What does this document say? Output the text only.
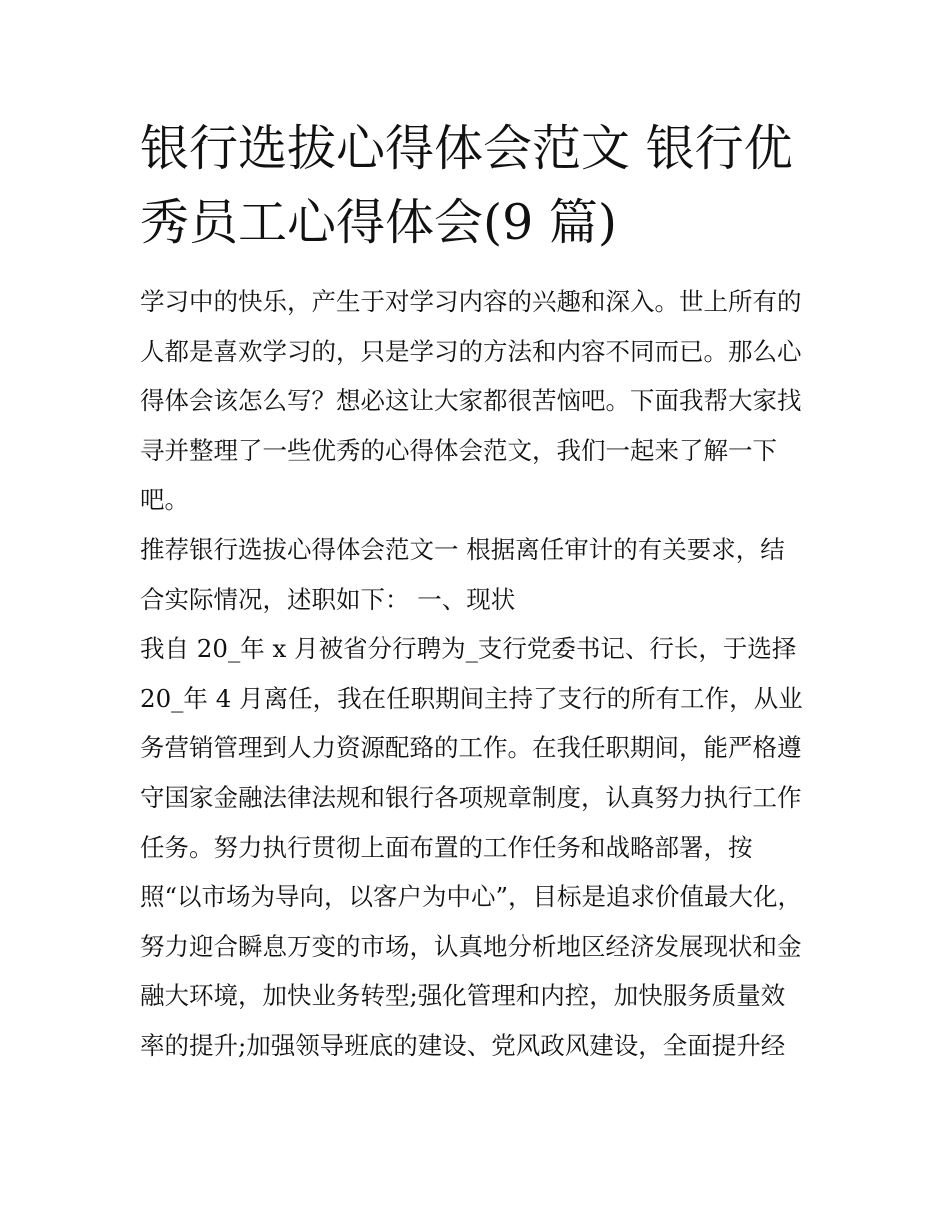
银行选拔心得体会范文 银行优
秀员工心得体会(9 篇)
学习中的快乐，产生于对学习内容的兴趣和深入。世上所有的
人都是喜欢学习的，只是学习的方法和内容不同而已。那么心
得体会该怎么写？想必这让大家都很苦恼吧。下面我帮大家找
寻并整理了一些优秀的心得体会范文，我们一起来了解一下
吧。
推荐银行选拔心得体会范文一 根据离任审计的有关要求，结
合实际情况，述职如下： 一、现状
我自 20_年 x 月被省分行聘为_支行党委书记、行长，于选择
20_年 4 月离任，我在任职期间主持了支行的所有工作，从业
务营销管理到人力资源配臵的工作。在我任职期间，能严格遵
守国家金融法律法规和银行各项规章制度，认真努力执行工作
任务。努力执行贯彻上面布置的工作任务和战略部署，按
照“以市场为导向，以客户为中心”，目标是追求价值最大化，
努力迎合瞬息万变的市场，认真地分析地区经济发展现状和金
融大环境，加快业务转型;强化管理和内控，加快服务质量效
率的提升;加强领导班底的建设、党风政风建设，全面提升经
